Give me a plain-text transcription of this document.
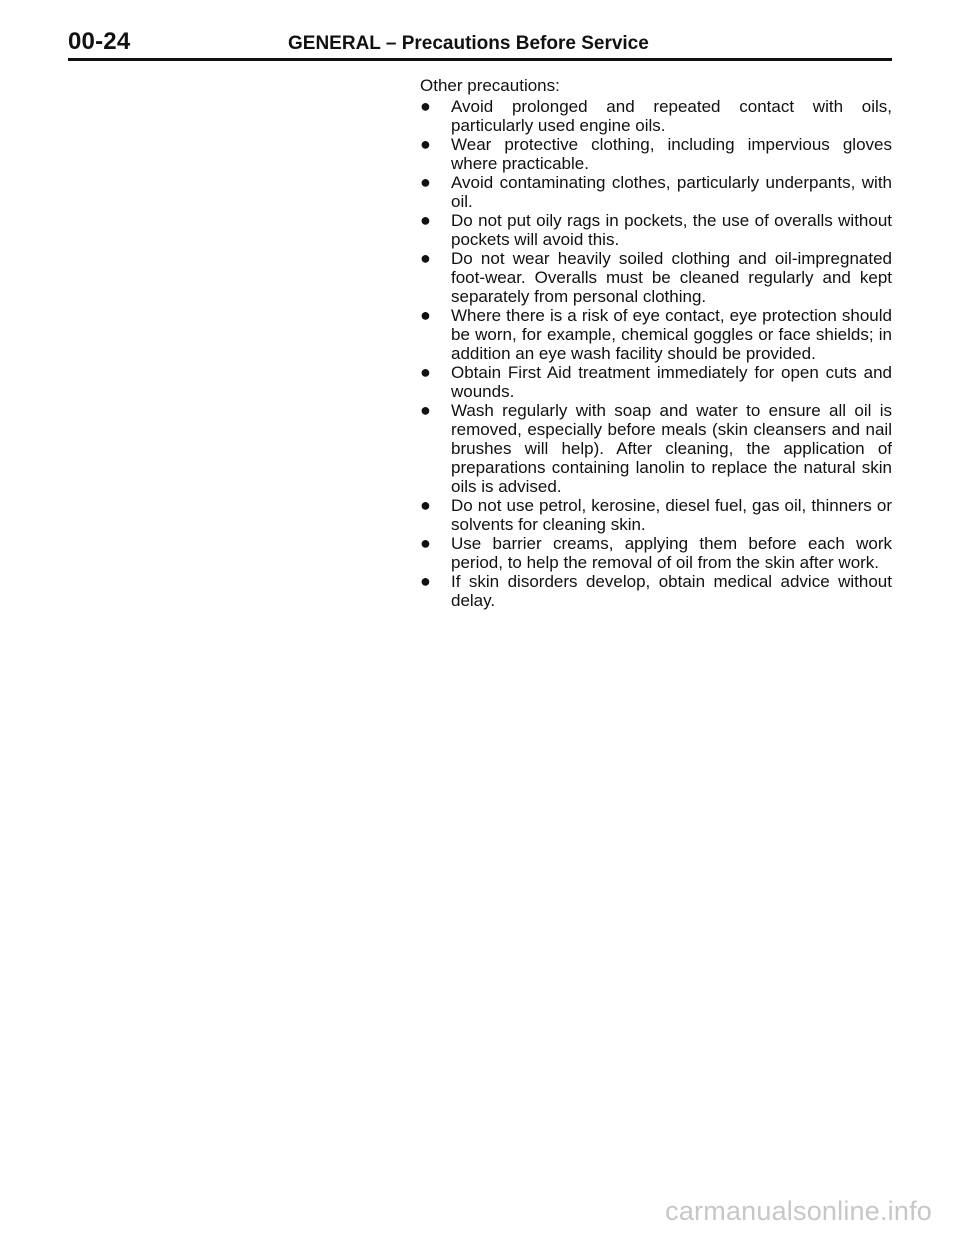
00-24	GENERAL – Precautions Before Service

Other precautions:

●	Avoid prolonged and repeated contact with oils, particularly used engine oils.
●	Wear protective clothing, including impervious gloves where practicable.
●	Avoid contaminating clothes, particularly underpants, with oil.
●	Do not put oily rags in pockets, the use of overalls without pockets will avoid this.
●	Do not wear heavily soiled clothing and oil-impregnated foot-wear. Overalls must be cleaned regularly and kept separately from personal clothing.
●	Where there is a risk of eye contact, eye protection should be worn, for example, chemical goggles or face shields; in addition an eye wash facility should be provided.
●	Obtain First Aid treatment immediately for open cuts and wounds.
●	Wash regularly with soap and water to ensure all oil is removed, especially before meals (skin cleansers and nail brushes will help). After cleaning, the application of preparations containing lanolin to replace the natural skin oils is advised.
●	Do not use petrol, kerosine, diesel fuel, gas oil, thinners or solvents for cleaning skin.
●	Use barrier creams, applying them before each work period, to help the removal of oil from the skin after work.
●	If skin disorders develop, obtain medical advice without delay.
carmanualsonline.info
